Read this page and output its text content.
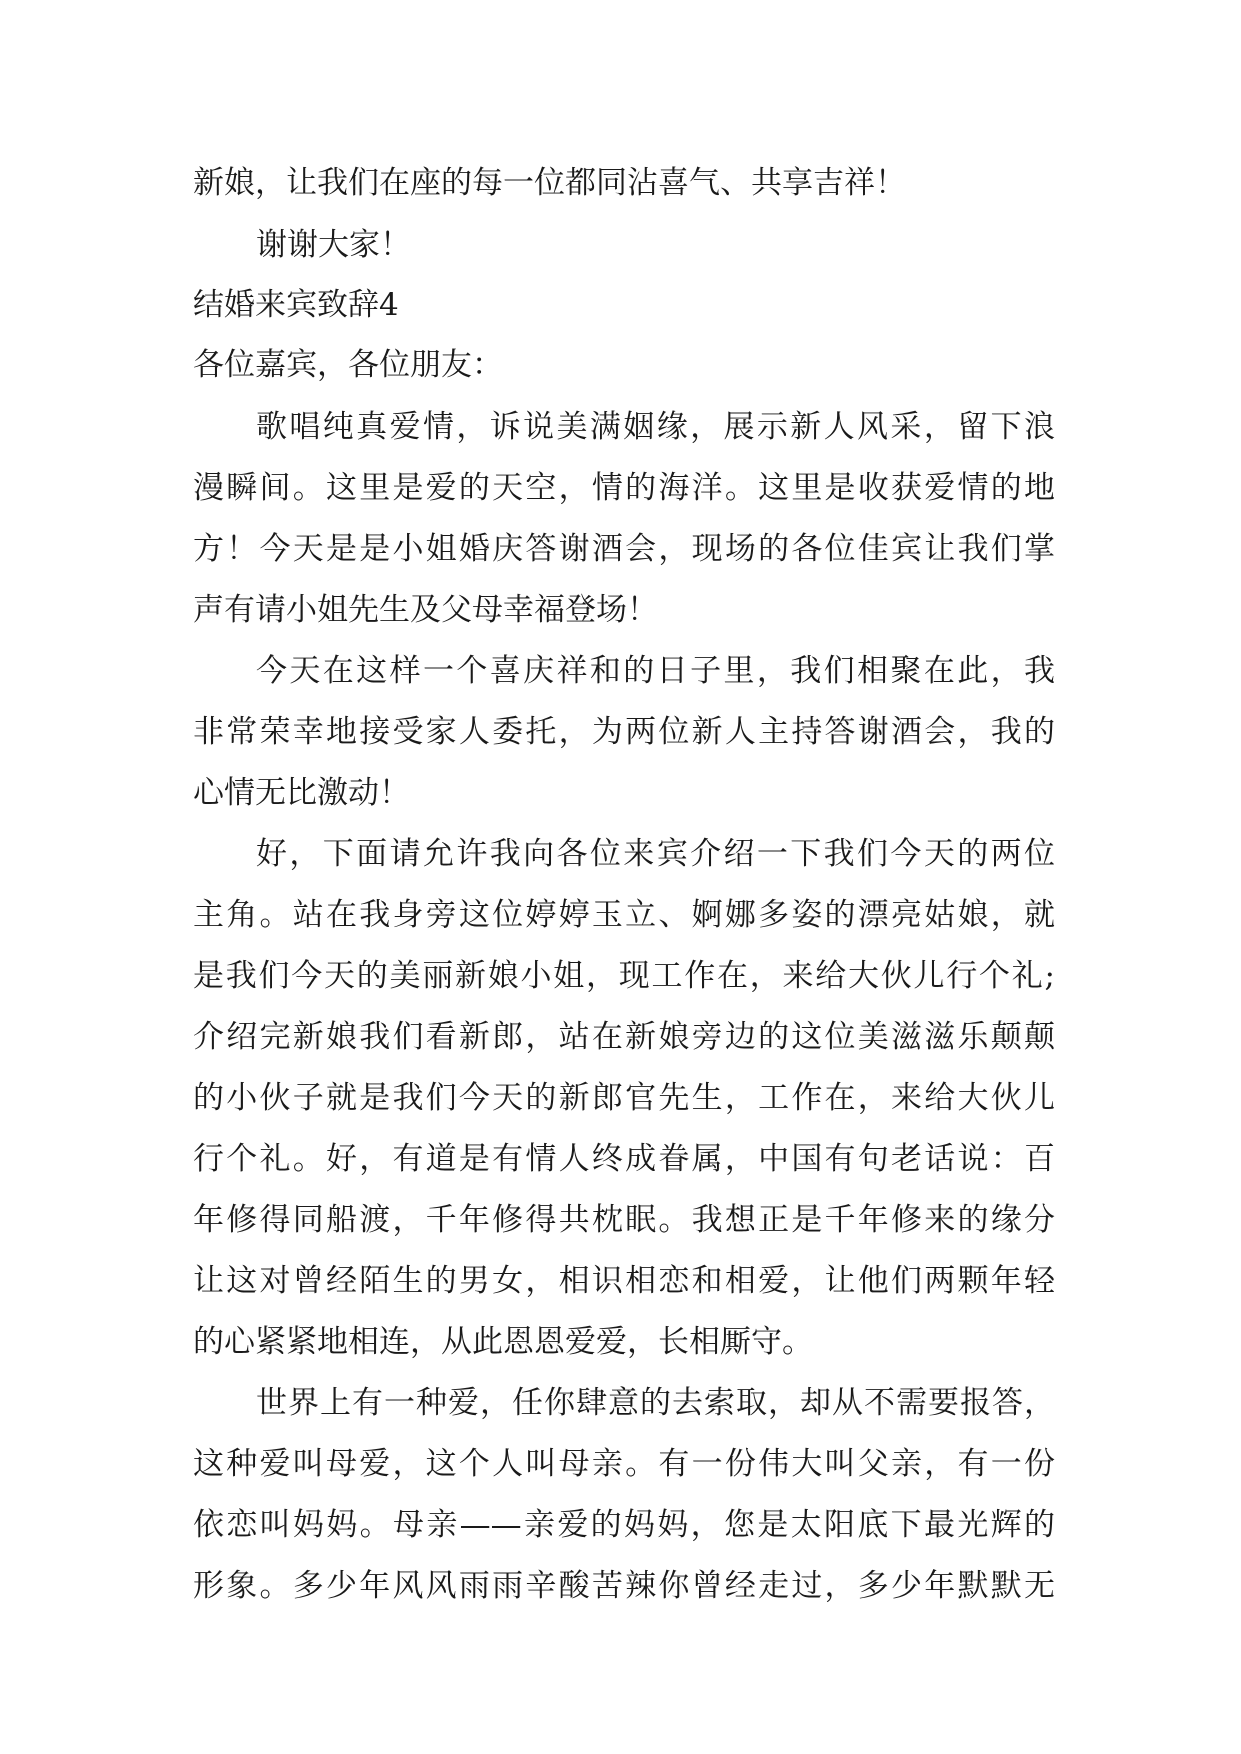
新娘，让我们在座的每一位都同沾喜气、共享吉祥！
谢谢大家！
结婚来宾致辞4
各位嘉宾，各位朋友：
歌唱纯真爱情，诉说美满姻缘，展示新人风采，留下浪
漫瞬间。这里是爱的天空，情的海洋。这里是收获爱情的地
方！今天是是小姐婚庆答谢酒会，现场的各位佳宾让我们掌
声有请小姐先生及父母幸福登场！
今天在这样一个喜庆祥和的日子里，我们相聚在此，我
非常荣幸地接受家人委托，为两位新人主持答谢酒会，我的
心情无比激动！
好，下面请允许我向各位来宾介绍一下我们今天的两位
主角。站在我身旁这位婷婷玉立、婀娜多姿的漂亮姑娘，就
是我们今天的美丽新娘小姐，现工作在，来给大伙儿行个礼;
介绍完新娘我们看新郎，站在新娘旁边的这位美滋滋乐颠颠
的小伙子就是我们今天的新郎官先生，工作在，来给大伙儿
行个礼。好，有道是有情人终成眷属，中国有句老话说：百
年修得同船渡，千年修得共枕眠。我想正是千年修来的缘分
让这对曾经陌生的男女，相识相恋和相爱，让他们两颗年轻
的心紧紧地相连，从此恩恩爱爱，长相厮守。
世界上有一种爱，任你肆意的去索取，却从不需要报答，
这种爱叫母爱，这个人叫母亲。有一份伟大叫父亲，有一份
依恋叫妈妈。母亲——亲爱的妈妈，您是太阳底下最光辉的
形象。多少年风风雨雨辛酸苦辣你曾经走过，多少年默默无
